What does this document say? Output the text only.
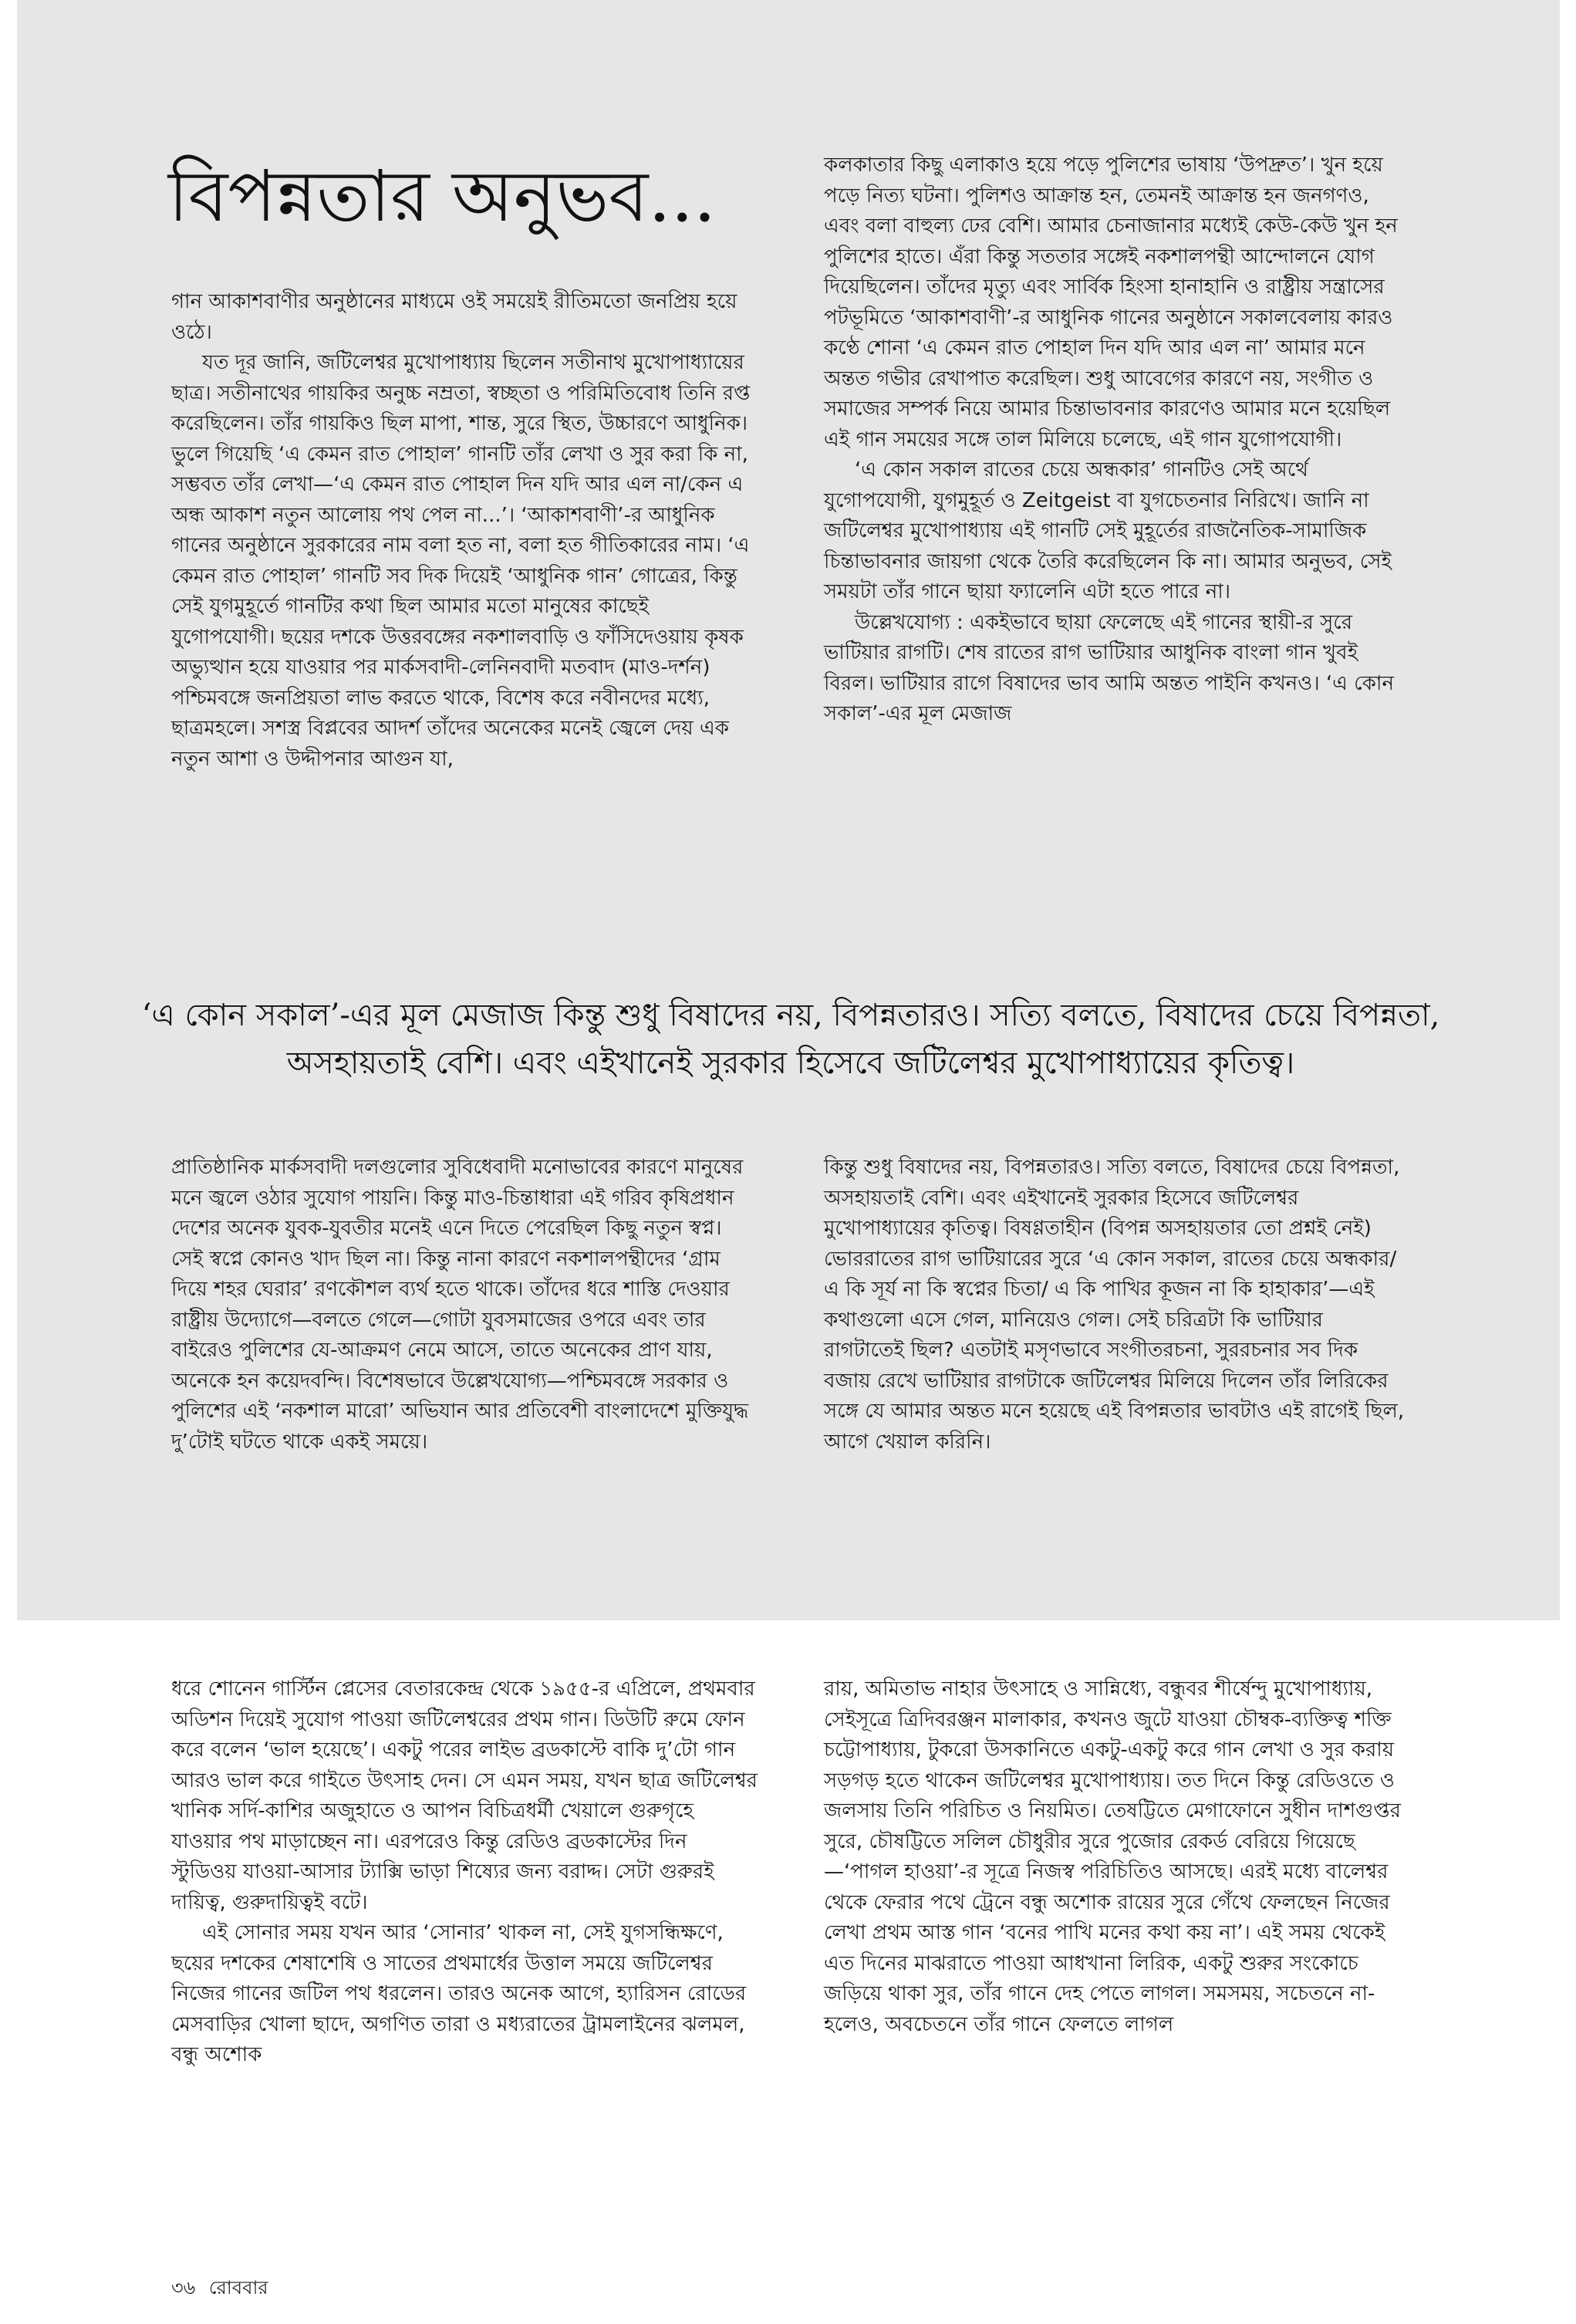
বিপন্নতার অনুভব...

গান আকাশবাণীর অনুষ্ঠানের মাধ্যমে ওই সময়েই রীতিমতো জনপ্রিয় হয়ে ওঠে।

যত দূর জানি, জটিলেশ্বর মুখোপাধ্যায় ছিলেন সতীনাথ মুখোপাধ্যায়ের ছাত্র। সতীনাথের গায়কির অনুচ্চ নম্রতা, স্বচ্ছতা ও পরিমিতিবোধ তিনি রপ্ত করেছিলেন। তাঁর গায়কিও ছিল মাপা, শান্ত, সুরে স্থিত, উচ্চারণে আধুনিক। ভুলে গিয়েছি ‘এ কেমন রাত পোহাল’ গানটি তাঁর লেখা ও সুর করা কি না, সম্ভবত তাঁর লেখা—‘এ কেমন রাত পোহাল দিন যদি আর এল না/কেন এ অন্ধ আকাশ নতুন আলোয় পথ পেল না...’। ‘আকাশবাণী’-র আধুনিক গানের অনুষ্ঠানে সুরকারের নাম বলা হত না, বলা হত গীতিকারের নাম। ‘এ কেমন রাত পোহাল’ গানটি সব দিক দিয়েই ‘আধুনিক গান’ গোত্রের, কিন্তু সেই যুগমুহূর্তে গানটির কথা ছিল আমার মতো মানুষের কাছেই যুগোপযোগী। ছয়ের দশকে উত্তরবঙ্গের নকশালবাড়ি ও ফাঁসিদেওয়ায় কৃষক অভ্যুত্থান হয়ে যাওয়ার পর মার্কসবাদী-লেনিনবাদী মতবাদ (মাও-দর্শন) পশ্চিমবঙ্গে জনপ্রিয়তা লাভ করতে থাকে, বিশেষ করে নবীনদের মধ্যে, ছাত্রমহলে। সশস্ত্র বিপ্লবের আদর্শ তাঁদের অনেকের মনেই জ্বেলে দেয় এক নতুন আশা ও উদ্দীপনার আগুন যা,

কলকাতার কিছু এলাকাও হয়ে পড়ে পুলিশের ভাষায় ‘উপদ্রুত’। খুন হয়ে পড়ে নিত্য ঘটনা। পুলিশও আক্রান্ত হন, তেমনই আক্রান্ত হন জনগণও, এবং বলা বাহুল্য ঢের বেশি। আমার চেনাজানার মধ্যেই কেউ-কেউ খুন হন পুলিশের হাতে। এঁরা কিন্তু সততার সঙ্গেই নকশালপন্থী আন্দোলনে যোগ দিয়েছিলেন। তাঁদের মৃত্যু এবং সার্বিক হিংসা হানাহানি ও রাষ্ট্রীয় সন্ত্রাসের পটভূমিতে ‘আকাশবাণী’-র আধুনিক গানের অনুষ্ঠানে সকালবেলায় কারও কণ্ঠে শোনা ‘এ কেমন রাত পোহাল দিন যদি আর এল না’ আমার মনে অন্তত গভীর রেখাপাত করেছিল। শুধু আবেগের কারণে নয়, সংগীত ও সমাজের সম্পর্ক নিয়ে আমার চিন্তাভাবনার কারণেও আমার মনে হয়েছিল এই গান সময়ের সঙ্গে তাল মিলিয়ে চলেছে, এই গান যুগোপযোগী।

‘এ কোন সকাল রাতের চেয়ে অন্ধকার’ গানটিও সেই অর্থে যুগোপযোগী, যুগমুহূর্ত ও Zeitgeist বা যুগচেতনার নিরিখে। জানি না জটিলেশ্বর মুখোপাধ্যায় এই গানটি সেই মুহূর্তের রাজনৈতিক-সামাজিক চিন্তাভাবনার জায়গা থেকে তৈরি করেছিলেন কি না। আমার অনুভব, সেই সময়টা তাঁর গানে ছায়া ফ্যালেনি এটা হতে পারে না।

উল্লেখযোগ্য : একইভাবে ছায়া ফেলেছে এই গানের স্থায়ী-র সুরে ভাটিয়ার রাগটি। শেষ রাতের রাগ ভাটিয়ার আধুনিক বাংলা গান খুবই বিরল। ভাটিয়ার রাগে বিষাদের ভাব আমি অন্তত পাইনি কখনও। ‘এ কোন সকাল’-এর মূল মেজাজ

‘এ কোন সকাল’-এর মূল মেজাজ কিন্তু শুধু বিষাদের নয়, বিপন্নতারও। সত্যি বলতে, বিষাদের চেয়ে বিপন্নতা, অসহায়তাই বেশি। এবং এইখানেই সুরকার হিসেবে জটিলেশ্বর মুখোপাধ্যায়ের কৃতিত্ব।

প্রাতিষ্ঠানিক মার্কসবাদী দলগুলোর সুবিধেবাদী মনোভাবের কারণে মানুষের মনে জ্বলে ওঠার সুযোগ পায়নি। কিন্তু মাও-চিন্তাধারা এই গরিব কৃষিপ্রধান দেশের অনেক যুবক-যুবতীর মনেই এনে দিতে পেরেছিল কিছু নতুন স্বপ্ন। সেই স্বপ্নে কোনও খাদ ছিল না। কিন্তু নানা কারণে নকশালপন্থীদের ‘গ্রাম দিয়ে শহর ঘেরার’ রণকৌশল ব্যর্থ হতে থাকে। তাঁদের ধরে শাস্তি দেওয়ার রাষ্ট্রীয় উদ্যোগে—বলতে গেলে—গোটা যুবসমাজের ওপরে এবং তার বাইরেও পুলিশের যে-আক্রমণ নেমে আসে, তাতে অনেকের প্রাণ যায়, অনেকে হন কয়েদবন্দি। বিশেষভাবে উল্লেখযোগ্য—পশ্চিমবঙ্গে সরকার ও পুলিশের এই ‘নকশাল মারো’ অভিযান আর প্রতিবেশী বাংলাদেশে মুক্তিযুদ্ধ দু’টোই ঘটতে থাকে একই সময়ে।

কিন্তু শুধু বিষাদের নয়, বিপন্নতারও। সত্যি বলতে, বিষাদের চেয়ে বিপন্নতা, অসহায়তাই বেশি। এবং এইখানেই সুরকার হিসেবে জটিলেশ্বর মুখোপাধ্যায়ের কৃতিত্ব। বিষণ্ণতাহীন (বিপন্ন অসহায়তার তো প্রশ্নই নেই) ভোররাতের রাগ ভাটিয়ারের সুরে ‘এ কোন সকাল, রাতের চেয়ে অন্ধকার/ এ কি সূর্য না কি স্বপ্নের চিতা/ এ কি পাখির কূজন না কি হাহাকার’—এই কথাগুলো এসে গেল, মানিয়েও গেল। সেই চরিত্রটা কি ভাটিয়ার রাগটাতেই ছিল? এতটাই মসৃণভাবে সংগীতরচনা, সুররচনার সব দিক বজায় রেখে ভাটিয়ার রাগটাকে জটিলেশ্বর মিলিয়ে দিলেন তাঁর লিরিকের সঙ্গে যে আমার অন্তত মনে হয়েছে এই বিপন্নতার ভাবটাও এই রাগেই ছিল, আগে খেয়াল করিনি।

ধরে শোনেন গার্স্টিন প্লেসের বেতারকেন্দ্র থেকে ১৯৫৫-র এপ্রিলে, প্রথমবার অডিশন দিয়েই সুযোগ পাওয়া জটিলেশ্বরের প্রথম গান। ডিউটি রুমে ফোন করে বলেন ‘ভাল হয়েছে’। একটু পরের লাইভ ব্রডকাস্টে বাকি দু’টো গান আরও ভাল করে গাইতে উৎসাহ দেন। সে এমন সময়, যখন ছাত্র জটিলেশ্বর খানিক সর্দি-কাশির অজুহাতে ও আপন বিচিত্রধর্মী খেয়ালে গুরুগৃহে যাওয়ার পথ মাড়াচ্ছেন না। এরপরেও কিন্তু রেডিও ব্রডকাস্টের দিন স্টুডিওয় যাওয়া-আসার ট্যাক্সি ভাড়া শিষ্যের জন্য বরাদ্দ। সেটা গুরুরই দায়িত্ব, গুরুদায়িত্বই বটে।

এই সোনার সময় যখন আর ‘সোনার’ থাকল না, সেই যুগসন্ধিক্ষণে, ছয়ের দশকের শেষাশেষি ও সাতের প্রথমার্ধের উত্তাল সময়ে জটিলেশ্বর নিজের গানের জটিল পথ ধরলেন। তারও অনেক আগে, হ্যারিসন রোডের মেসবাড়ির খোলা ছাদে, অগণিত তারা ও মধ্যরাতের ট্রামলাইনের ঝলমল, বন্ধু অশোক

রায়, অমিতাভ নাহার উৎসাহে ও সান্নিধ্যে, বন্ধুবর শীর্ষেন্দু মুখোপাধ্যায়, সেইসূত্রে ত্রিদিবরঞ্জন মালাকার, কখনও জুটে যাওয়া চৌম্বক-ব্যক্তিত্ব শক্তি চট্টোপাধ্যায়, টুকরো উসকানিতে একটু-একটু করে গান লেখা ও সুর করায় সড়গড় হতে থাকেন জটিলেশ্বর মুখোপাধ্যায়। তত দিনে কিন্তু রেডিওতে ও জলসায় তিনি পরিচিত ও নিয়মিত। তেষট্টিতে মেগাফোনে সুধীন দাশগুপ্তর সুরে, চৌষট্টিতে সলিল চৌধুরীর সুরে পুজোর রেকর্ড বেরিয়ে গিয়েছে—‘পাগল হাওয়া’-র সূত্রে নিজস্ব পরিচিতিও আসছে। এরই মধ্যে বালেশ্বর থেকে ফেরার পথে ট্রেনে বন্ধু অশোক রায়ের সুরে গেঁথে ফেলছেন নিজের লেখা প্রথম আস্ত গান ‘বনের পাখি মনের কথা কয় না’। এই সময় থেকেই এত দিনের মাঝরাতে পাওয়া আধখানা লিরিক, একটু শুরুর সংকোচে জড়িয়ে থাকা সুর, তাঁর গানে দেহ পেতে লাগল। সমসময়, সচেতনে না-হলেও, অবচেতনে তাঁর গানে ফেলতে লাগল

৩৬ রোববার
